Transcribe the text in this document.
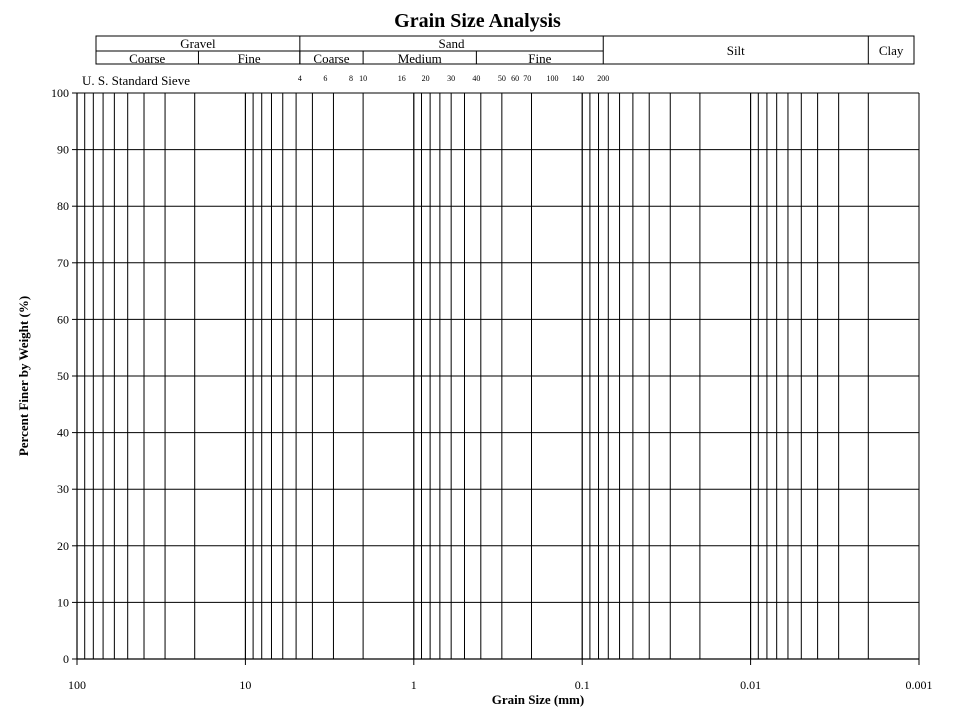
Grain Size Analysis
Gravel	Sand	Silt	Clay
Coarse	Fine	Coarse	Medium	Fine
U. S. Standard Sieve	4	6	8 10	16 20 30 40 50 60 70 100 140 200
0
10
20
30
40
50
60
70
80
90
100
100	10	1	0.1	0.01	0.001
Grain Size (mm)
Percent Finer by Weight (%)
